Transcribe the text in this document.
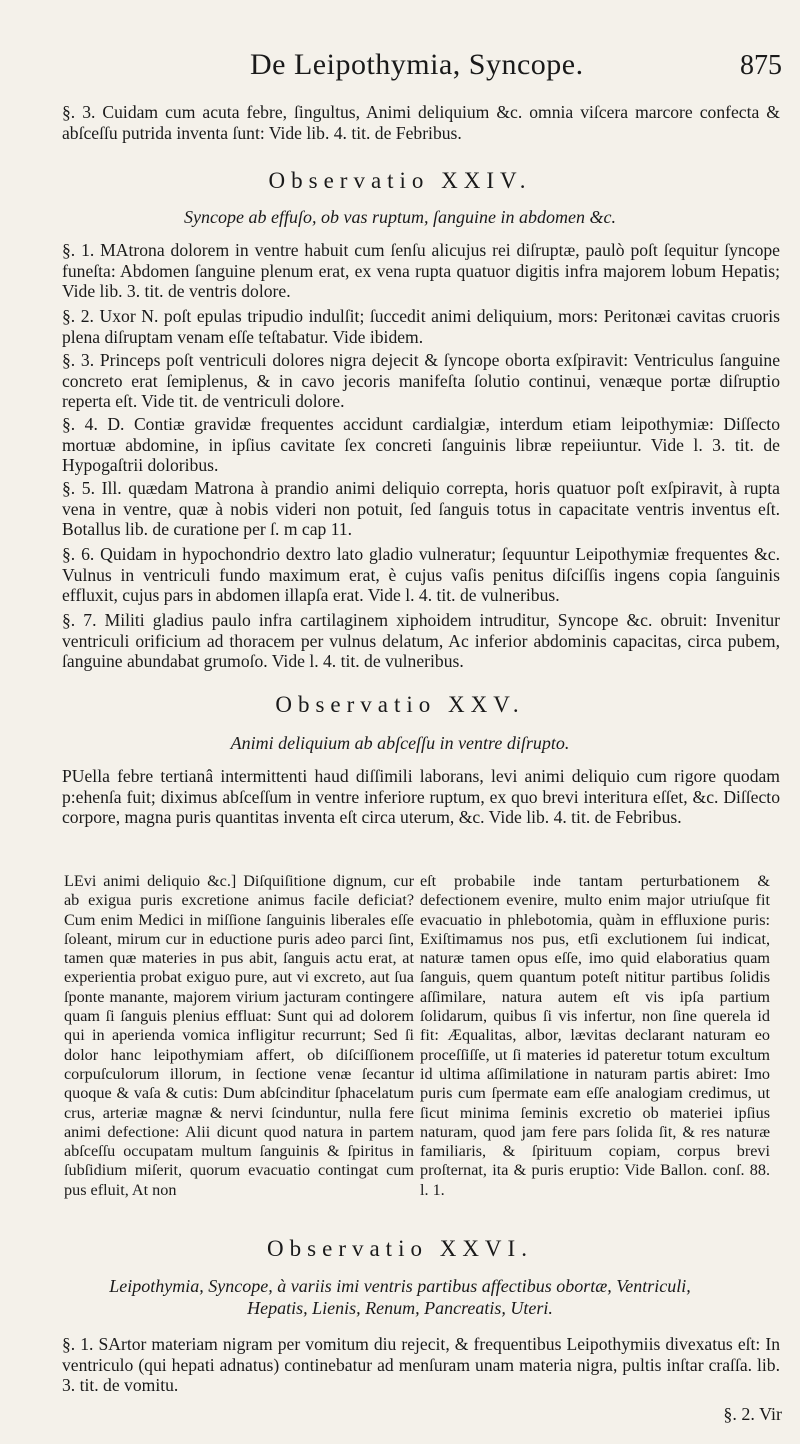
De Leipothymia, Syncope.	875
§. 3. Cuidam cum acuta febre, ſingultus, Animi deliquium &c. omnia viſcera marcore confecta & abſceſſu putrida inventa ſunt: Vide lib. 4. tit. de Febribus.
Observatio XXIV.
Syncope ab effuſo, ob vas ruptum, ſanguine in abdomen &c.
§. 1. MAtrona dolorem in ventre habuit cum ſenſu alicujus rei diſruptæ, paulò poſt ſequitur ſyncope funeſta: Abdomen ſanguine plenum erat, ex vena rupta quatuor digitis infra majorem lobum Hepatis; Vide lib. 3. tit. de ventris dolore.
§. 2. Uxor N. poſt epulas tripudio indulſit; ſuccedit animi deliquium, mors: Peritonæi cavitas cruoris plena diſruptam venam eſſe teſtabatur. Vide ibidem.
§. 3. Princeps poſt ventriculi dolores nigra dejecit & ſyncope oborta exſpiravit: Ventriculus ſanguine concreto erat ſemiplenus, & in cavo jecoris manifeſta ſolutio continui, venæque portæ diſruptio reperta eſt. Vide tit. de ventriculi dolore.
§. 4. D. Contiæ gravidæ frequentes accidunt cardialgiæ, interdum etiam leipothymiæ: Diſſecto mortuæ abdomine, in ipſius cavitate ſex concreti ſanguinis libræ repeiiuntur. Vide l. 3. tit. de Hypogaſtrii doloribus.
§. 5. Ill. quædam Matrona à prandio animi deliquio correpta, horis quatuor poſt exſpiravit, à rupta vena in ventre, quæ à nobis videri non potuit, ſed ſanguis totus in capacitate ventris inventus eſt. Botallus lib. de curatione per ſ. m cap 11.
§. 6. Quidam in hypochondrio dextro lato gladio vulneratur; ſequuntur Leipothymiæ frequentes &c. Vulnus in ventriculi fundo maximum erat, è cujus vaſis penitus diſciſſis ingens copia ſanguinis effluxit, cujus pars in abdomen illapſa erat. Vide l. 4. tit. de vulneribus.
§. 7. Militi gladius paulo infra cartilaginem xiphoidem intruditur, Syncope &c. obruit: Invenitur ventriculi orificium ad thoracem per vulnus delatum, Ac inferior abdominis capacitas, circa pubem, ſanguine abundabat grumoſo. Vide l. 4. tit. de vulneribus.
Observatio XXV.
Animi deliquium ab abſceſſu in ventre diſrupto.
PUella febre tertianâ intermittenti haud diſſimili laborans, levi animi deliquio cum rigore quodam p:ehenſa fuit; diximus abſceſſum in ventre inferiore ruptum, ex quo brevi interitura eſſet, &c. Diſſecto corpore, magna puris quantitas inventa eſt circa uterum, &c. Vide lib. 4. tit. de Febribus.
LEvi animi deliquio &c.] Diſquiſitione dignum, cur ab exigua puris excretione animus facile deficiat? Cum enim Medici in miſſione ſanguinis liberales eſſe ſoleant, mirum cur in eductione puris adeo parci ſint, tamen quæ materies in pus abit, ſanguis actu erat, at experientia probat exiguo pure, aut vi excreto, aut ſua ſponte manante, majorem virium jacturam contingere quam ſi ſanguis plenius effluat: Sunt qui ad dolorem qui in aperienda vomica infligitur recurrunt; Sed ſi dolor hanc leipothymiam affert, ob diſciſſionem corpuſculorum illorum, in ſectione venæ ſecantur quoque & vaſa & cutis: Dum abſcinditur ſphacelatum crus, arteriæ magnæ & nervi ſcinduntur, nulla fere animi defectione: Alii dicunt quod natura in partem abſceſſu occupatam multum ſanguinis & ſpiritus in ſubſidium miſerit, quorum evacuatio contingat cum pus efluit, At non
eſt probabile inde tantam perturbationem & defectionem evenire, multo enim major utriuſque fit evacuatio in phlebotomia, quàm in effluxione puris: Exiſtimamus nos pus, etſi exclutionem ſui indicat, naturæ tamen opus eſſe, imo quid elaboratius quam ſanguis, quem quantum poteſt nititur partibus ſolidis aſſimilare, natura autem eſt vis ipſa partium ſolidarum, quibus ſi vis infertur, non ſine querela id fit: Æqualitas, albor, lævitas declarant naturam eo proceſſiſſe, ut ſi materies id pateretur totum excultum id ultima aſſimilatione in naturam partis abiret: Imo puris cum ſpermate eam eſſe analogiam credimus, ut ſicut minima ſeminis excretio ob materiei ipſius naturam, quod jam fere pars ſolida ſit, & res naturæ familiaris, & ſpirituum copiam, corpus brevi proſternat, ita & puris eruptio: Vide Ballon. conſ. 88. l. 1.
Observatio XXVI.
Leipothymia, Syncope, à variis imi ventris partibus affectibus obortæ, Ventriculi,
Hepatis, Lienis, Renum, Pancreatis, Uteri.
§. 1. SArtor materiam nigram per vomitum diu rejecit, & frequentibus Leipothymiis divexatus eſt: In ventriculo (qui hepati adnatus) continebatur ad menſuram unam materia nigra, pultis inſtar craſſa. lib. 3. tit. de vomitu.
§. 2. Vir
